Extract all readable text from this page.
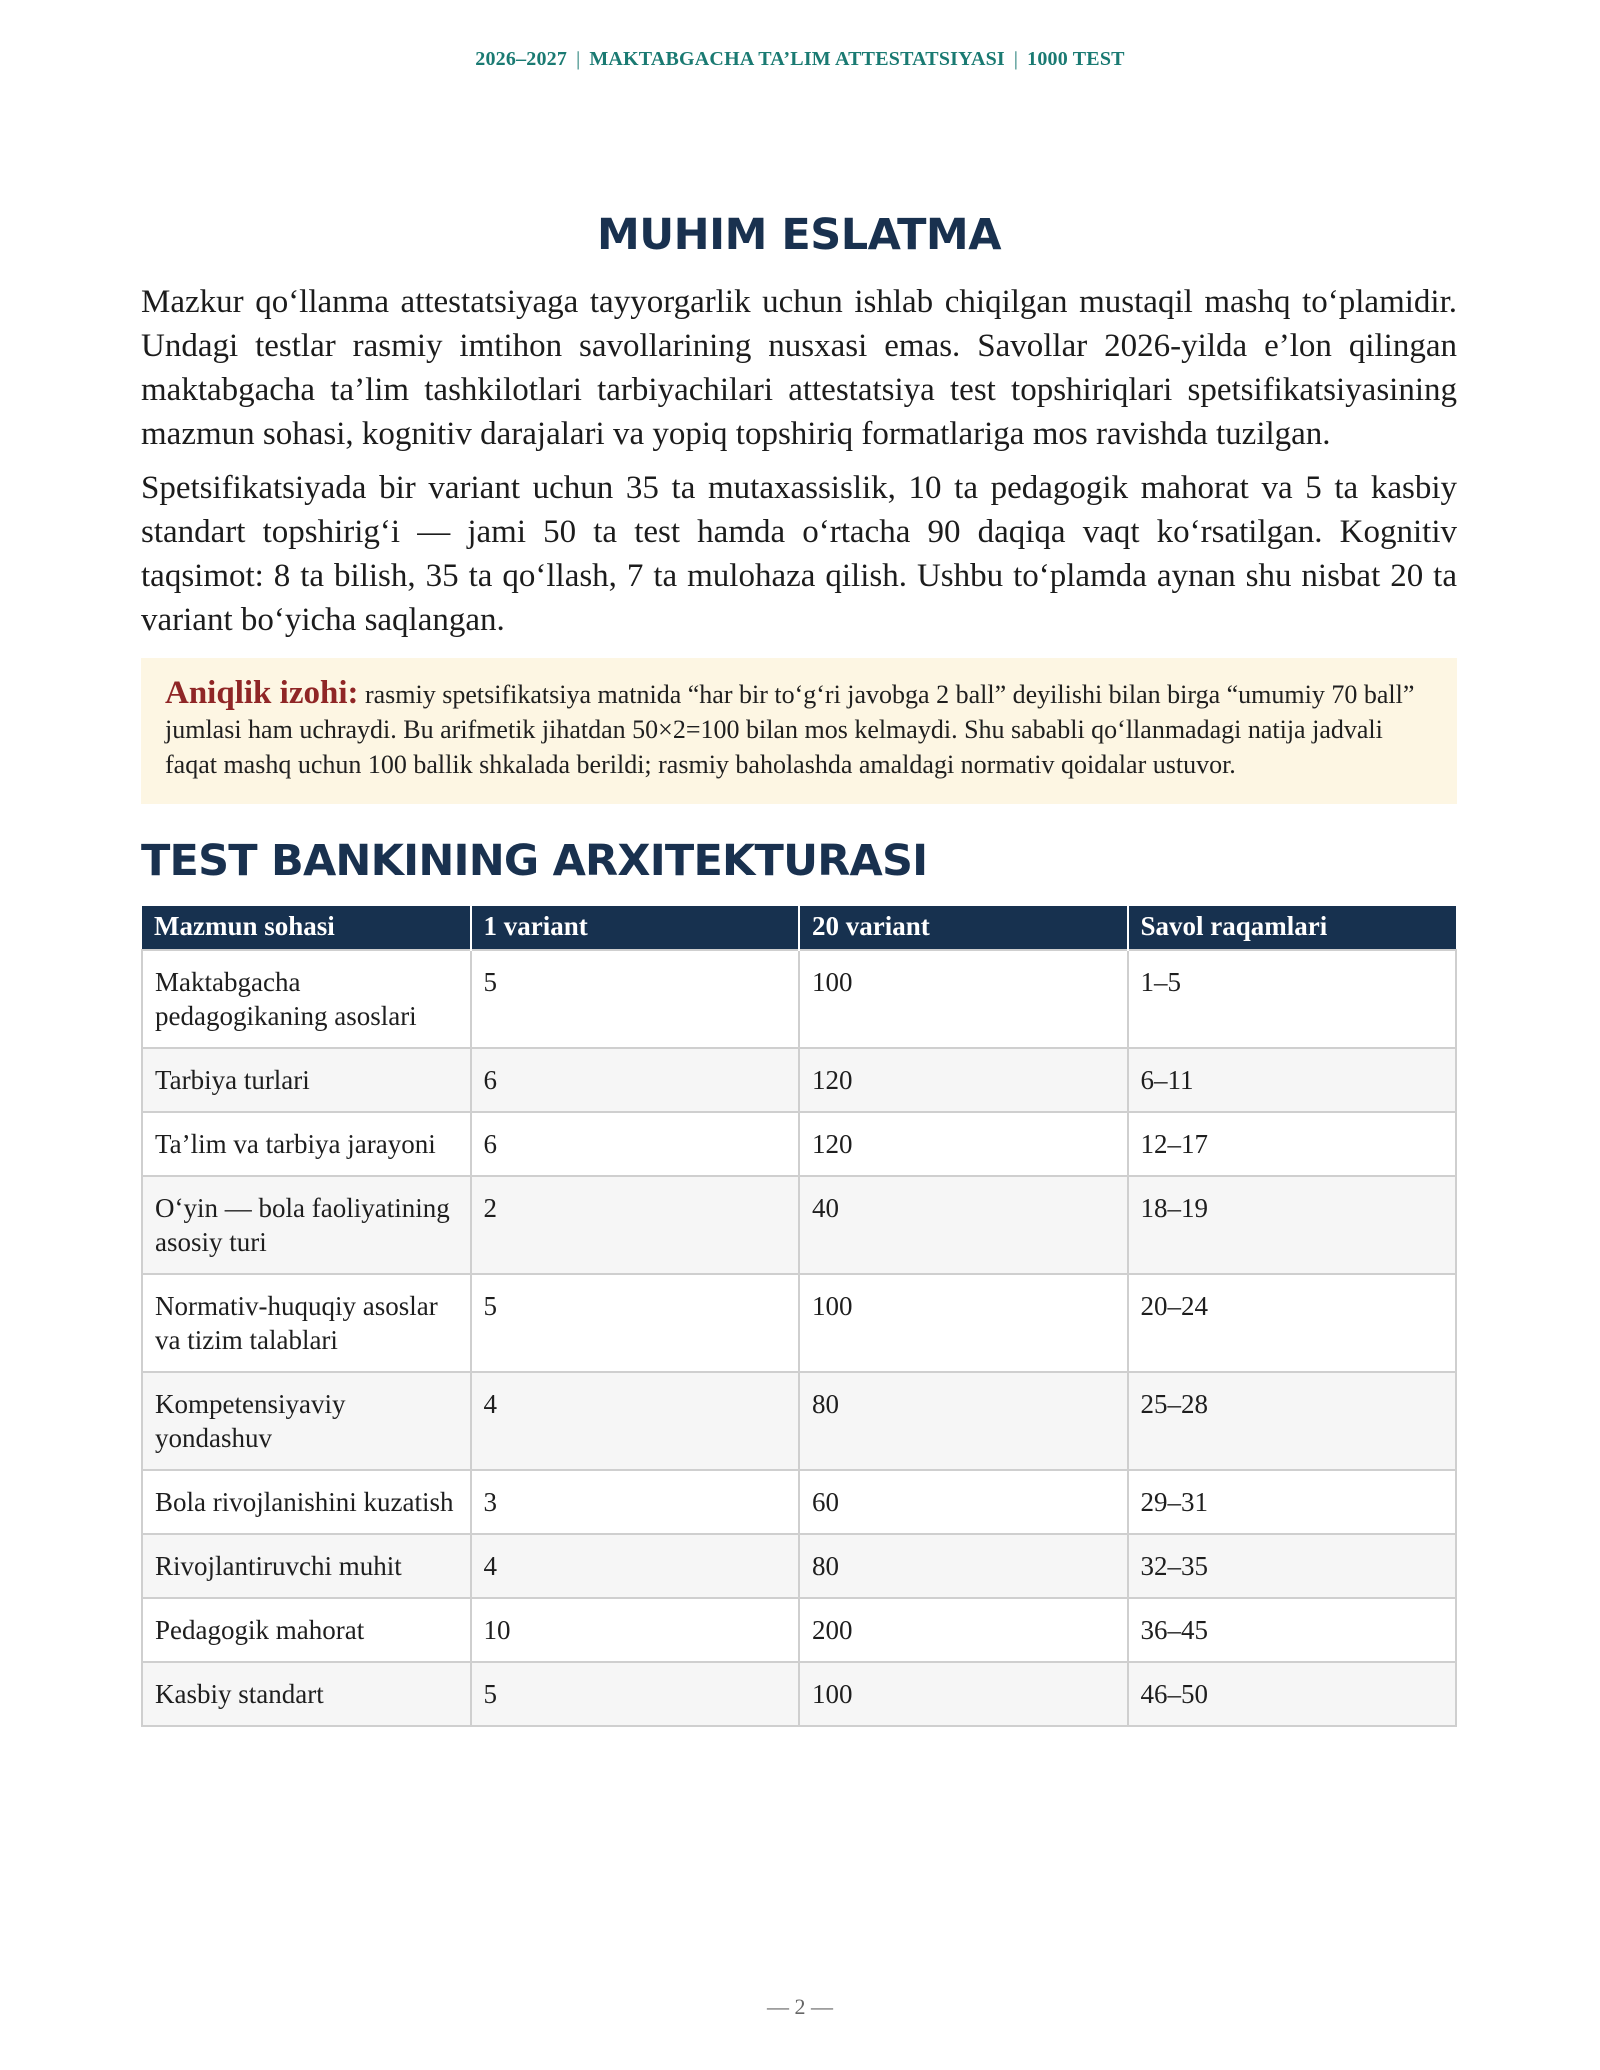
2026–2027 | MAKTABGACHA TA’LIM ATTESTATSIYASI | 1000 TEST
MUHIM ESLATMA

Mazkur qo‘llanma attestatsiyaga tayyorgarlik uchun ishlab chiqilgan mustaqil mashq to‘plamidir. Undagi testlar rasmiy imtihon savollarining nusxasi emas. Savollar 2026-yilda e’lon qilingan maktabgacha ta’lim tashkilotlari tarbiyachilari attestatsiya test topshiriqlari spetsifikatsiyasining mazmun sohasi, kognitiv darajalari va yopiq topshiriq formatlariga mos ravishda tuzilgan.

Spetsifikatsiyada bir variant uchun 35 ta mutaxassislik, 10 ta pedagogik mahorat va 5 ta kasbiy standart topshirig‘i — jami 50 ta test hamda o‘rtacha 90 daqiqa vaqt ko‘rsatilgan. Kognitiv taqsimot: 8 ta bilish, 35 ta qo‘llash, 7 ta mulohaza qilish. Ushbu to‘plamda aynan shu nisbat 20 ta variant bo‘yicha saqlangan.

Aniqlik izohi: rasmiy spetsifikatsiya matnida “har bir to‘g‘ri javobga 2 ball” deyilishi bilan birga “umumiy 70 ball” jumlasi ham uchraydi. Bu arifmetik jihatdan 50×2=100 bilan mos kelmaydi. Shu sababli qo‘llanmadagi natija jadvali faqat mashq uchun 100 ballik shkalada berildi; rasmiy baholashda amaldagi normativ qoidalar ustuvor.
TEST BANKINING ARXITEKTURASI
Mazmun sohasi	1 variant	20 variant	Savol raqamlari
Maktabgacha pedagogikaning asoslari	5	100	1–5
Tarbiya turlari	6	120	6–11
Ta’lim va tarbiya jarayoni	6	120	12–17
O‘yin — bola faoliyatining asosiy turi	2	40	18–19
Normativ-huquqiy asoslar va tizim talablari	5	100	20–24
Kompetensiyaviy yondashuv	4	80	25–28
Bola rivojlanishini kuzatish	3	60	29–31
Rivojlantiruvchi muhit	4	80	32–35
Pedagogik mahorat	10	200	36–45
Kasbiy standart	5	100	46–50
— 2 —
